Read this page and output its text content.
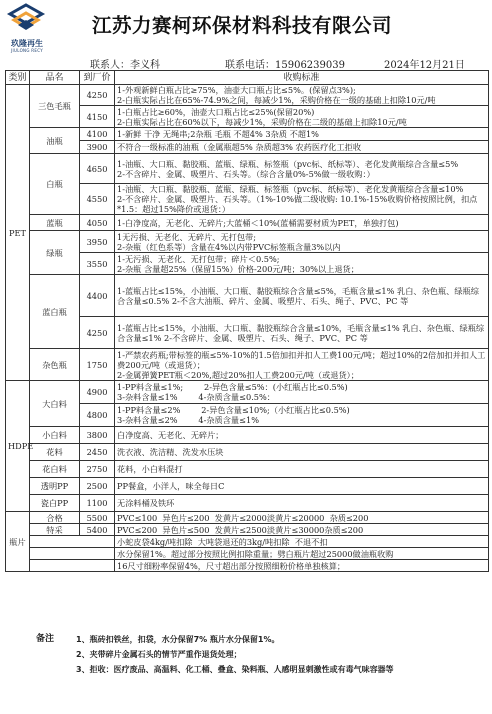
玖隆再生
JIULONG RECY
江苏力赛柯环保材料科技有限公司
联系人：李义科	联系电话：15906239039	2024年12月21日
类别	品名	到厂价	收购标准
PET	三色毛瓶	4250	1-外观新鲜白瓶占比≥75%，油壶大口瓶占比≤5%。(保留点3%);
2-白瓶实际占比在65%-74.9%之间，每减少1%，采购价格在一级的基础上扣除10元/吨
		4150	1-白瓶占比≥60%，油壶大口瓶占比≤25%(保留20%)
2-白瓶实际占比在60%以下，每减少1%，采购价格在二级的基础上扣除10元/吨
	油瓶	4100	1-新鲜 干净 无绳串;2杂瓶 毛瓶 不超4% 3杂质 不超1%
		3900	不符合一级标准的油瓶（金属瓶超5% 杂质超3% 农药医疗化工拒收
	白瓶	4650	1-油瓶、大口瓶、黏胶瓶、蓝瓶、绿瓶、标签瓶（pvc标、纸标等）、老化发黄瓶综合含量≤5%        2-不含碎片、金属、吸塑片、石头等。（综合含量0%-5%做一级收购：）
		4550	1-油瓶、大口瓶、黏胶瓶、蓝瓶、绿瓶、标签瓶（pvc标、纸标等）、老化发黄瓶综合含量≤10%        2-不含碎片、金属、吸塑片、石头等。（1%-10%做二级收购: 10.1%-15%收购价格按照比例，扣点*1.5：超过15%降价或退货：）
	蓝瓶	4050	1-白净度高，无老化、无碎片;大蓝桶＜10%(蓝桶需要材质为PET，单独打包)
	绿瓶	3950	1无污损、无老化、无碎片、无打包带;
2-杂瓶（红色系等）含量在4%以内带PVC标签瓶含量3%以内
		3550	1-无污损、无老化、无打包带；碎片＜0.5%;
2-杂瓶 含量超25%（保留15%）价格-200元/吨；30%以上退货；
	蓝白瓶	4400	1-蓝瓶占比≤15%，小油瓶、大口瓶、黏胶瓶综合含量≤5%，毛瓶含量≤1% 乳白、杂色瓶、绿瓶综合含量≤0.5% 2-不含大油瓶、碎片、金属、吸塑片、石头、绳子、PVC、PC 等
		4250	1-蓝瓶占比≤15%，小油瓶、大口瓶、黏胶瓶综合含量≤10%，毛瓶含量≤1% 乳白、杂色瓶、绿瓶综合含量≤1% 2-不含碎片、金属、吸塑片、石头、绳子、PVC、PC 等
	杂色瓶	1750	1-严禁农药瓶;带标签的瓶≤5%-10%的1.5倍加扣并扣人工费100元/吨；超过10%的2倍加扣并扣人工费200元/吨（或退货）；
2-金属弹簧PET瓶＜20%,超过20%扣人工费200元/吨（或退货）；
HDPE	大白料	4900	1-PP料含量≤1%;        2-异色含量≤5%：(小红瓶占比≤0.5%)
3-杂料含量≤1%        4-杂质含量≤0.5%：
		4800	1-PP料含量≤2%        2-异色含量≤10%;（小红瓶占比≤0.5%)
3-杂料含量≤2%        4-杂质含量≤1%
	小白料	3800	白净度高、无老化、无碎片；
	花料	2450	洗衣液、洗洁精、洗发水压块
	花白料	2750	花料，小白料混打
	透明PP	2500	PP餐盒，小洋人，味全每日C
	瓷白PP	1100	无涂料桶及铁环
瓶片	合格	5500	PVC≤100  异色片≤200  发黄片≤2000淡黄片≤20000  杂质≤200
	特采	5400	PVC≤200  异色片≤500  发黄片≤2500淡黄片≤30000杂质≤200
			小蛇皮袋4kg/吨扣除  大吨袋退还的3kg/吨扣除  不退不扣
			水分保留1%。超过部分按照比例扣除重量；劈白瓶片超过25000做油瓶收购
			16尺寸细粉率保留4%，尺寸超出部分按照细粉价格单独核算；
备注	1、瓶砖扣铁丝，扣袋，水分保留7% 瓶片水分保留1%。
2、夹带碎片金属石头的情节严重作退货处理；
3、拒收：医疗废品、高温料、化工桶、叠盒、染料瓶、人感明显刺激性或有毒气味容器等
